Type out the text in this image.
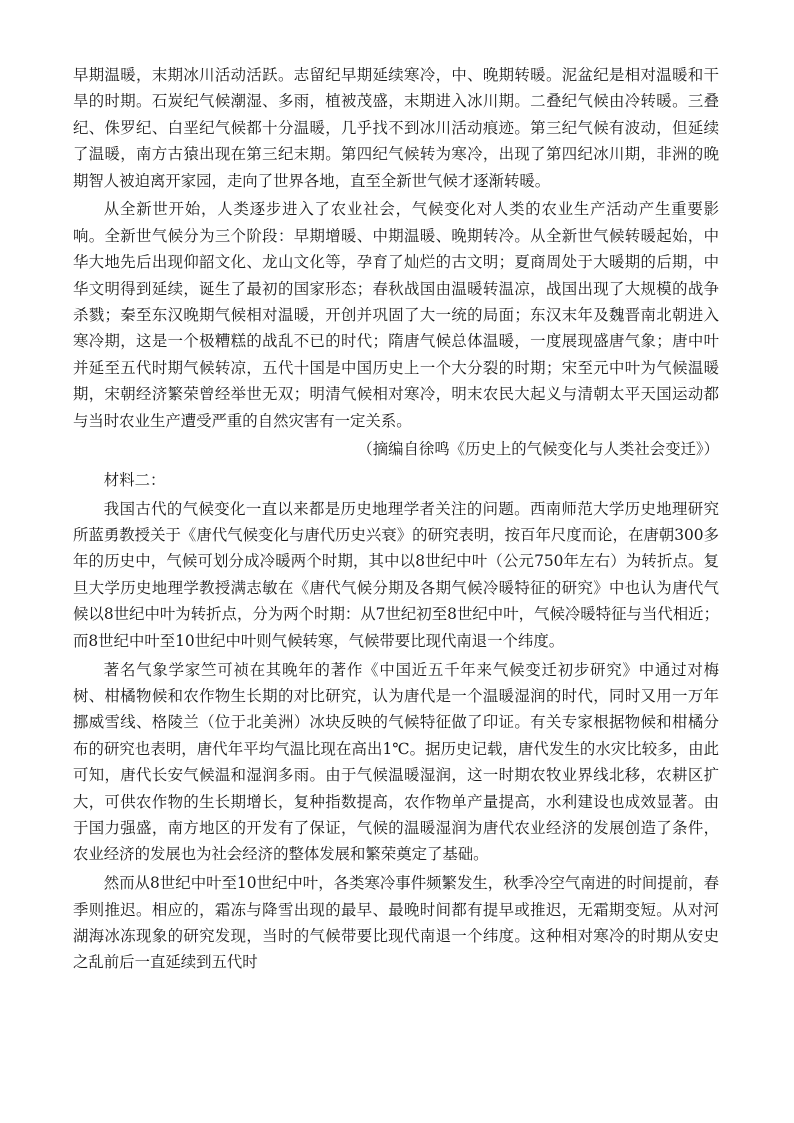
早期温暖，末期冰川活动活跃。志留纪早期延续寒冷，中、晚期转暖。泥盆纪是相对温暖和干旱的时期。石炭纪气候潮湿、多雨，植被茂盛，末期进入冰川期。二叠纪气候由冷转暖。三叠纪、侏罗纪、白垩纪气候都十分温暖，几乎找不到冰川活动痕迹。第三纪气候有波动，但延续了温暖，南方古猿出现在第三纪末期。第四纪气候转为寒冷，出现了第四纪冰川期，非洲的晚期智人被迫离开家园，走向了世界各地，直至全新世气候才逐渐转暖。

从全新世开始，人类逐步进入了农业社会，气候变化对人类的农业生产活动产生重要影响。全新世气候分为三个阶段：早期增暖、中期温暖、晚期转冷。从全新世气候转暖起始，中华大地先后出现仰韶文化、龙山文化等，孕育了灿烂的古文明；夏商周处于大暖期的后期，中华文明得到延续，诞生了最初的国家形态；春秋战国由温暖转温凉，战国出现了大规模的战争杀戮；秦至东汉晚期气候相对温暖，开创并巩固了大一统的局面；东汉末年及魏晋南北朝进入寒冷期，这是一个极糟糕的战乱不已的时代；隋唐气候总体温暖，一度展现盛唐气象；唐中叶并延至五代时期气候转凉，五代十国是中国历史上一个大分裂的时期；宋至元中叶为气候温暖期，宋朝经济繁荣曾经举世无双；明清气候相对寒冷，明末农民大起义与清朝太平天国运动都与当时农业生产遭受严重的自然灾害有一定关系。

（摘编自徐鸣《历史上的气候变化与人类社会变迁》）

材料二：

我国古代的气候变化一直以来都是历史地理学者关注的问题。西南师范大学历史地理研究所蓝勇教授关于《唐代气候变化与唐代历史兴衰》的研究表明，按百年尺度而论，在唐朝300多年的历史中，气候可划分成冷暖两个时期，其中以8世纪中叶（公元750年左右）为转折点。复旦大学历史地理学教授满志敏在《唐代气候分期及各期气候冷暖特征的研究》中也认为唐代气候以8世纪中叶为转折点，分为两个时期：从7世纪初至8世纪中叶，气候冷暖特征与当代相近；而8世纪中叶至10世纪中叶则气候转寒，气候带要比现代南退一个纬度。

著名气象学家竺可祯在其晚年的著作《中国近五千年来气候变迁初步研究》中通过对梅树、柑橘物候和农作物生长期的对比研究，认为唐代是一个温暖湿润的时代，同时又用一万年挪威雪线、格陵兰（位于北美洲）冰块反映的气候特征做了印证。有关专家根据物候和柑橘分布的研究也表明，唐代年平均气温比现在高出1℃。据历史记载，唐代发生的水灾比较多，由此可知，唐代长安气候温和湿润多雨。由于气候温暖湿润，这一时期农牧业界线北移，农耕区扩大，可供农作物的生长期增长，复种指数提高，农作物单产量提高，水利建设也成效显著。由于国力强盛，南方地区的开发有了保证，气候的温暖湿润为唐代农业经济的发展创造了条件，农业经济的发展也为社会经济的整体发展和繁荣奠定了基础。

然而从8世纪中叶至10世纪中叶，各类寒冷事件频繁发生，秋季冷空气南进的时间提前，春季则推迟。相应的，霜冻与降雪出现的最早、最晚时间都有提早或推迟，无霜期变短。从对河湖海冰冻现象的研究发现，当时的气候带要比现代南退一个纬度。这种相对寒冷的时期从安史之乱前后一直延续到五代时
